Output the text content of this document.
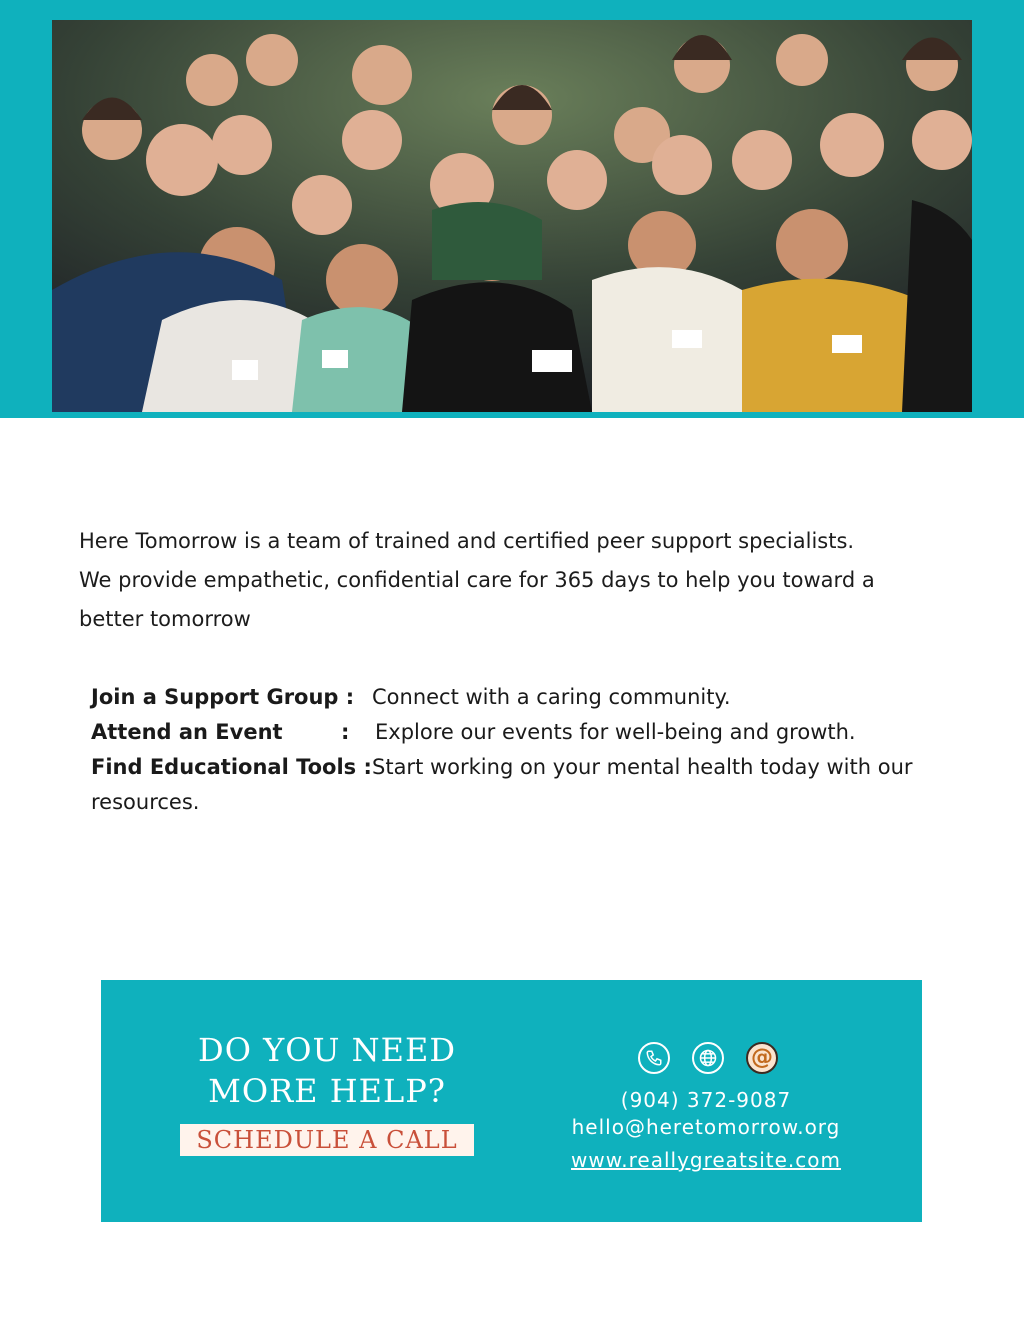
Here Tomorrow is a team of trained and certified peer support specialists.
We provide empathetic, confidential care for 365 days to help you toward a
better tomorrow
Join a Support Group : Connect with a caring community.
Attend an Event	: Explore our events for well-being and growth.
Find Educational Tools : Start working on your mental health today with our
resources.
DO YOU NEED
MORE HELP?
SCHEDULE A CALL
@
(904) 372-9087
hello@heretomorrow.org
www.reallygreatsite.com
